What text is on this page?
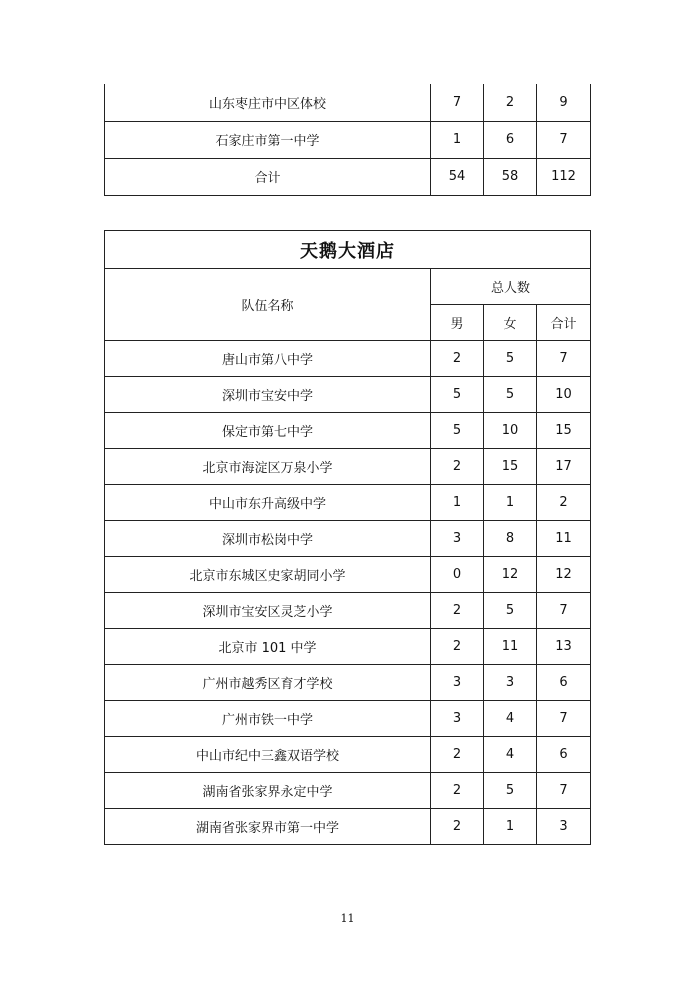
山东枣庄市中区体校	7	2	9
石家庄市第一中学	1	6	7
合计	54	58	112
天鹅大酒店			
队伍名称	总人数		
	男	女	合计
唐山市第八中学	2	5	7
深圳市宝安中学	5	5	10
保定市第七中学	5	10	15
北京市海淀区万泉小学	2	15	17
中山市东升高级中学	1	1	2
深圳市松岗中学	3	8	11
北京市东城区史家胡同小学	0	12	12
深圳市宝安区灵芝小学	2	5	7
北京市 101 中学	2	11	13
广州市越秀区育才学校	3	3	6
广州市铁一中学	3	4	7
中山市纪中三鑫双语学校	2	4	6
湖南省张家界永定中学	2	5	7
湖南省张家界市第一中学	2	1	3
11
